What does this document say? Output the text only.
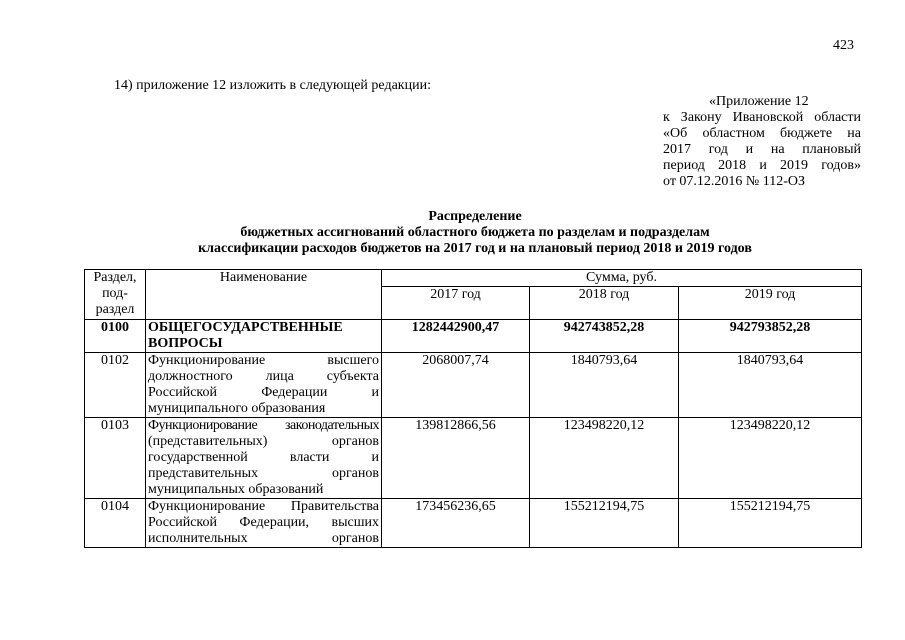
423
14) приложение 12 изложить в следующей редакции:
«Приложение 12
к Закону Ивановской области
«Об областном бюджете на
2017 год и на плановый
период 2018 и 2019 годов»
от 07.12.2016 № 112-ОЗ
Распределение
бюджетных ассигнований областного бюджета по разделам и подразделам
классификации расходов бюджетов на 2017 год и на плановый период 2018 и 2019 годов
Раздел,
под-
раздел	Наименование	Сумма, руб.		
		2017 год	2018 год	2019 год
0100	ОБЩЕГОСУДАРСТВЕННЫЕ
ВОПРОСЫ	1282442900,47	942743852,28	942793852,28
0102	Функционирование высшего
должностного лица субъекта
Российской Федерации и
муниципального образования	2068007,74	1840793,64	1840793,64
0103	Функционирование законодательных
(представительных) органов
государственной власти и
представительных органов
муниципальных образований	139812866,56	123498220,12	123498220,12
0104	Функционирование Правительства
Российской Федерации, высших
исполнительных органов	173456236,65	155212194,75	155212194,75
